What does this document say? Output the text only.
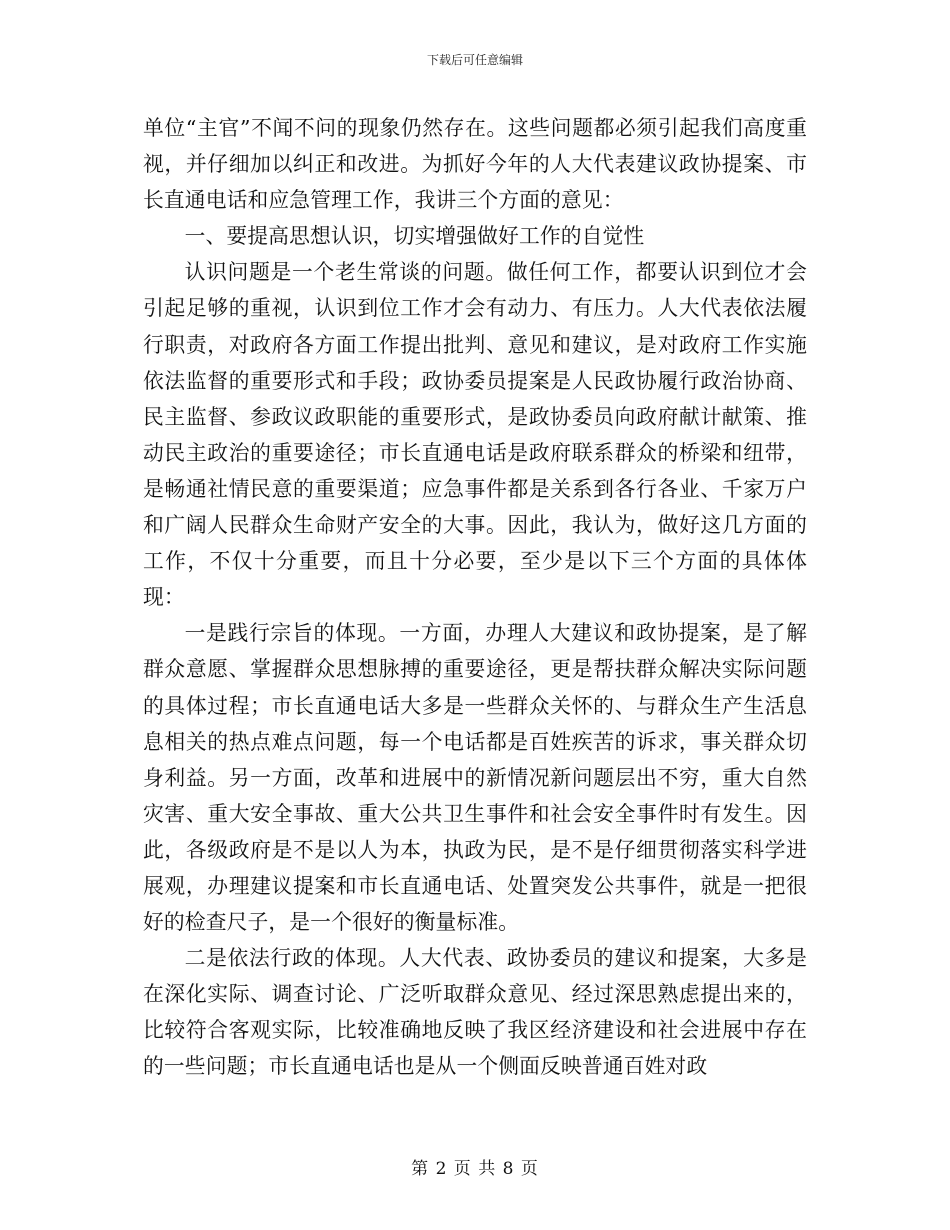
下载后可任意编辑

单位“主官”不闻不问的现象仍然存在。这些问题都必须引起我们高度重视，并仔细加以纠正和改进。为抓好今年的人大代表建议政协提案、市长直通电话和应急管理工作，我讲三个方面的意见：

一、要提高思想认识，切实增强做好工作的自觉性

认识问题是一个老生常谈的问题。做任何工作，都要认识到位才会引起足够的重视，认识到位工作才会有动力、有压力。人大代表依法履行职责，对政府各方面工作提出批判、意见和建议，是对政府工作实施依法监督的重要形式和手段；政协委员提案是人民政协履行政治协商、民主监督、参政议政职能的重要形式，是政协委员向政府献计献策、推动民主政治的重要途径；市长直通电话是政府联系群众的桥梁和纽带，是畅通社情民意的重要渠道；应急事件都是关系到各行各业、千家万户和广阔人民群众生命财产安全的大事。因此，我认为，做好这几方面的工作，不仅十分重要，而且十分必要，至少是以下三个方面的具体体现：

一是践行宗旨的体现。一方面，办理人大建议和政协提案，是了解群众意愿、掌握群众思想脉搏的重要途径，更是帮扶群众解决实际问题的具体过程；市长直通电话大多是一些群众关怀的、与群众生产生活息息相关的热点难点问题，每一个电话都是百姓疾苦的诉求，事关群众切身利益。另一方面，改革和进展中的新情况新问题层出不穷，重大自然灾害、重大安全事故、重大公共卫生事件和社会安全事件时有发生。因此，各级政府是不是以人为本，执政为民，是不是仔细贯彻落实科学进展观，办理建议提案和市长直通电话、处置突发公共事件，就是一把很好的检查尺子，是一个很好的衡量标准。

二是依法行政的体现。人大代表、政协委员的建议和提案，大多是在深化实际、调查讨论、广泛听取群众意见、经过深思熟虑提出来的，比较符合客观实际，比较准确地反映了我区经济建设和社会进展中存在的一些问题；市长直通电话也是从一个侧面反映普通百姓对政

第 2 页 共 8 页
